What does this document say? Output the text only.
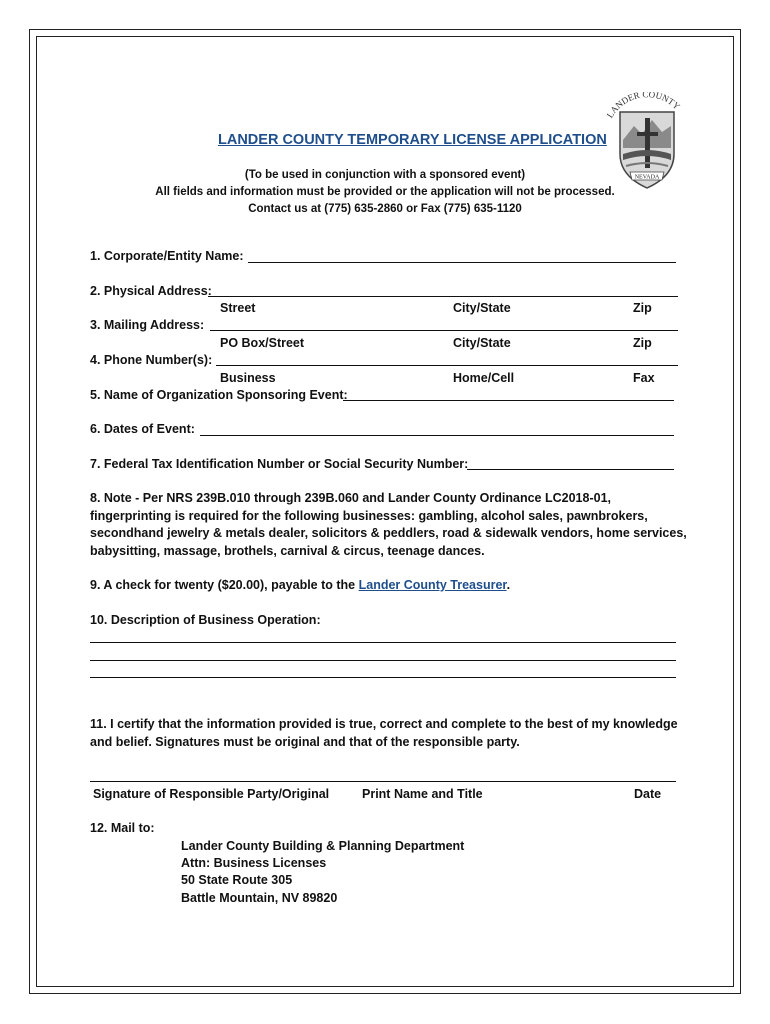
LANDER COUNTY
NEVADA
LANDER COUNTY TEMPORARY LICENSE APPLICATION
(To be used in conjunction with a sponsored event)
All fields and information must be provided or the application will not be processed.
Contact us at (775) 635-2860 or Fax (775) 635-1120
1. Corporate/Entity Name:
2. Physical Address:
Street	City/State	Zip
3. Mailing Address:
PO Box/Street	City/State	Zip
4. Phone Number(s):
Business	Home/Cell	Fax
5. Name of Organization Sponsoring Event:
6. Dates of Event:
7. Federal Tax Identification Number or Social Security Number:
8. Note - Per NRS 239B.010 through 239B.060 and Lander County Ordinance LC2018-01, fingerprinting is required for the following businesses: gambling, alcohol sales, pawnbrokers, secondhand jewelry & metals dealer, solicitors & peddlers, road & sidewalk vendors, home services, babysitting, massage, brothels, carnival & circus, teenage dances.
9. A check for twenty ($20.00), payable to the Lander County Treasurer.
10. Description of Business Operation:
11. I certify that the information provided is true, correct and complete to the best of my knowledge and belief. Signatures must be original and that of the responsible party.
Signature of Responsible Party/Original	Print Name and Title	Date
12. Mail to:
Lander County Building & Planning Department
Attn: Business Licenses
50 State Route 305
Battle Mountain, NV 89820
